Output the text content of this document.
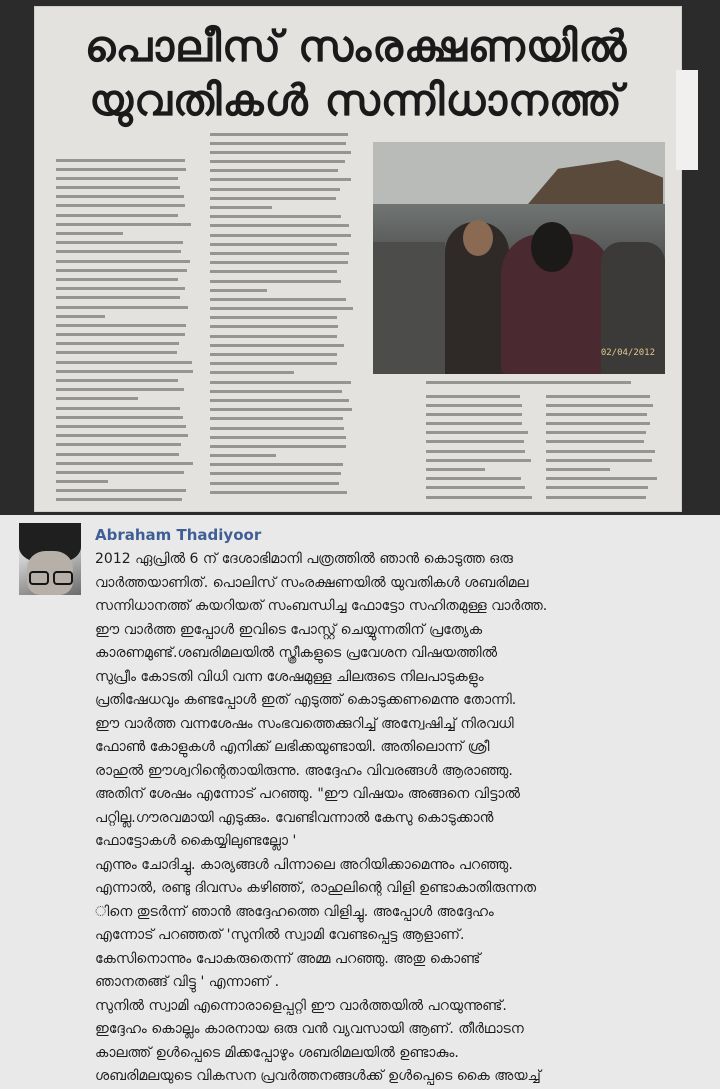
പൊലീസ് സംരക്ഷണയിൽ
യുവതികൾ സന്നിധാനത്ത്
02/04/2012
Abraham Thadiyoor
2012 ഏപ്രിൽ 6 ന് ദേശാഭിമാനി പത്രത്തിൽ ഞാൻ കൊടുത്ത ഒരു
വാർത്തയാണിത്. പൊലിസ് സംരക്ഷണയിൽ യുവതികൾ ശബരിമല
സന്നിധാനത്ത് കയറിയത് സംബന്ധിച്ച ഫോട്ടോ സഹിതമുള്ള വാർത്ത.
ഈ വാർത്ത ഇപ്പോൾ ഇവിടെ പോസ്റ്റ് ചെയ്യുന്നതിന് പ്രത്യേക
കാരണമുണ്ട്.ശബരിമലയിൽ സ്ത്രീകളുടെ പ്രവേശന വിഷയത്തിൽ
സുപ്രീം കോടതി വിധി വന്ന ശേഷമുള്ള ചിലരുടെ നിലപാടുകളും
പ്രതിഷേധവും കണ്ടപ്പോൾ ഇത് എടുത്ത് കൊടുക്കണമെന്നു തോന്നി.
ഈ വാർത്ത വന്നശേഷം സംഭവത്തെക്കുറിച്ച് അന്വേഷിച്ച് നിരവധി
ഫോൺ കോളുകൾ എനിക്ക് ലഭിക്കയുണ്ടായി. അതിലൊന്ന് ശ്രീ
രാഹുൽ ഈശ്വറിന്റെതായിരുന്നു. അദ്ദേഹം വിവരങ്ങൾ ആരാഞ്ഞു.
അതിന് ശേഷം എന്നോട് പറഞ്ഞു. "ഈ വിഷയം അങ്ങനെ വിട്ടാൽ
പറ്റില്ല.ഗൗരവമായി എടുക്കും. വേണ്ടിവന്നാൽ കേസു കൊടുക്കാൻ
ഫോട്ടോകൾ കൈയ്യിലുണ്ടല്ലോ '
എന്നും ചോദിച്ചു. കാര്യങ്ങൾ പിന്നാലെ അറിയിക്കാമെന്നും പറഞ്ഞു.
എന്നാൽ, രണ്ടു ദിവസം കഴിഞ്ഞ്, രാഹുലിന്റെ വിളി ഉണ്ടാകാതിരുന്നത
ിനെ തുടർന്ന് ഞാൻ അദ്ദേഹത്തെ വിളിച്ചു. അപ്പോൾ അദ്ദേഹം
എന്നോട് പറഞ്ഞത് 'സുനിൽ സ്വാമി വേണ്ടപ്പെട്ട ആളാണ്.
കേസിനൊന്നും പോകരുതെന്ന് അമ്മ പറഞ്ഞു. അതു കൊണ്ട്
ഞാനതങ്ങ് വിട്ടു ' എന്നാണ് .
സുനിൽ സ്വാമി എന്നൊരാളെപ്പറ്റി ഈ വാർത്തയിൽ പറയുന്നുണ്ട്.
ഇദ്ദേഹം കൊല്ലം കാരനായ ഒരു വൻ വ്യവസായി ആണ്. തീർഥാടന
കാലത്ത് ഉൾപ്പെടെ മിക്കപ്പോഴും ശബരിമലയിൽ ഉണ്ടാകും.
ശബരിമലയുടെ വികസന പ്രവർത്തനങ്ങൾക്ക് ഉൾപ്പെടെ കൈ അയച്ച്
